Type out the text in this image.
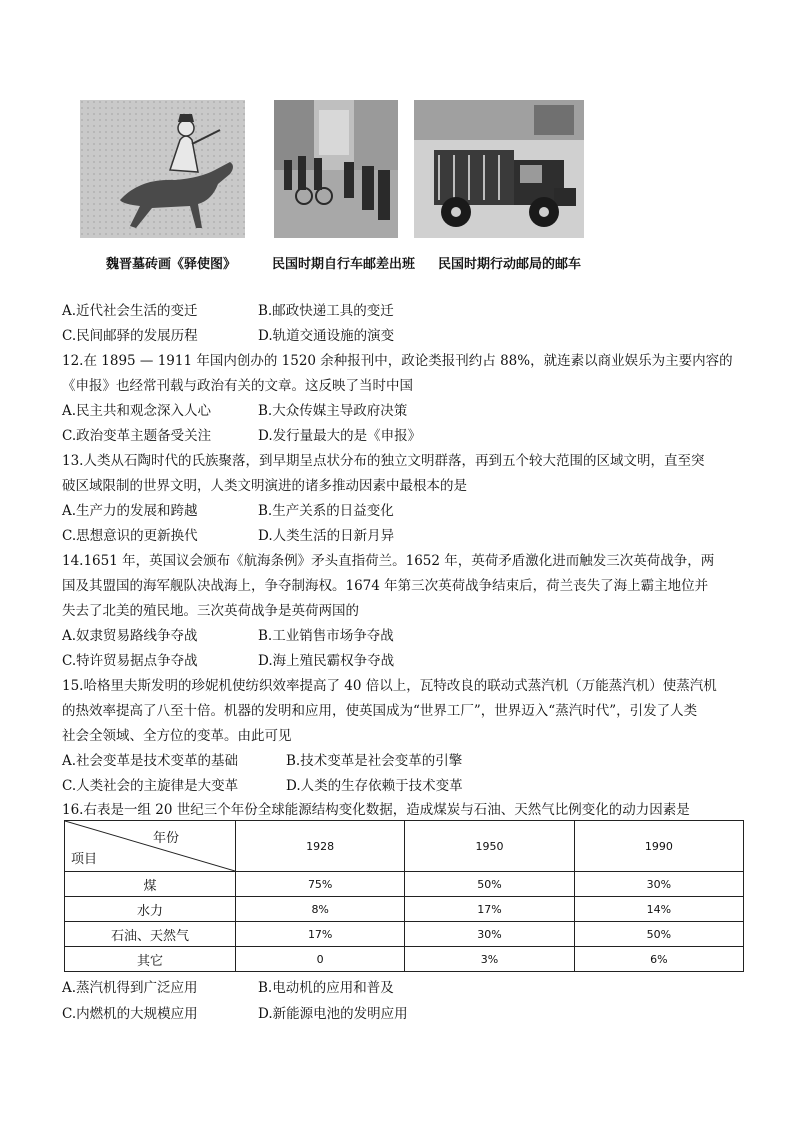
魏晋墓砖画《驿使图》	民国时期自行车邮差出班 民国时期行动邮局的邮车
A.近代社会生活的变迁	B.邮政快递工具的变迁
C.民间邮驿的发展历程	D.轨道交通设施的演变
12.在 1895 — 1911 年国内创办的 1520 余种报刊中，政论类报刊约占 88%，就连素以商业娱乐为主要内容的
《申报》也经常刊载与政治有关的文章。这反映了当时中国
A.民主共和观念深入人心	B.大众传媒主导政府决策
C.政治变革主题备受关注	D.发行量最大的是《申报》
13.人类从石陶时代的氏族聚落，到早期呈点状分布的独立文明群落，再到五个较大范围的区域文明，直至突
破区域限制的世界文明，人类文明演进的诸多推动因素中最根本的是
A.生产力的发展和跨越	B.生产关系的日益变化
C.思想意识的更新换代	D.人类生活的日新月异
14.1651 年，英国议会颁布《航海条例》矛头直指荷兰。1652 年，英荷矛盾激化进而触发三次英荷战争，两
国及其盟国的海军舰队决战海上，争夺制海权。1674 年第三次英荷战争结束后，荷兰丧失了海上霸主地位并
失去了北美的殖民地。三次英荷战争是英荷两国的
A.奴隶贸易路线争夺战	B.工业销售市场争夺战
C.特许贸易据点争夺战	D.海上殖民霸权争夺战
15.哈格里夫斯发明的珍妮机使纺织效率提高了 40 倍以上，瓦特改良的联动式蒸汽机（万能蒸汽机）使蒸汽机
的热效率提高了八至十倍。机器的发明和应用，使英国成为“世界工厂”，世界迈入“蒸汽时代”，引发了人类
社会全领域、全方位的变革。由此可见
A.社会变革是技术变革的基础	B.技术变革是社会变革的引擎
C.人类社会的主旋律是大变革	D.人类的生存依赖于技术变革
16.右表是一组 20 世纪三个年份全球能源结构变化数据，造成煤炭与石油、天然气比例变化的动力因素是
年份
项目	1928	1950	1990
煤	75%	50%	30%
水力	8%	17%	14%
石油、天然气	17%	30%	50%
其它	0	3%	6%
A.蒸汽机得到广泛应用	B.电动机的应用和普及
C.内燃机的大规模应用	D.新能源电池的发明应用
